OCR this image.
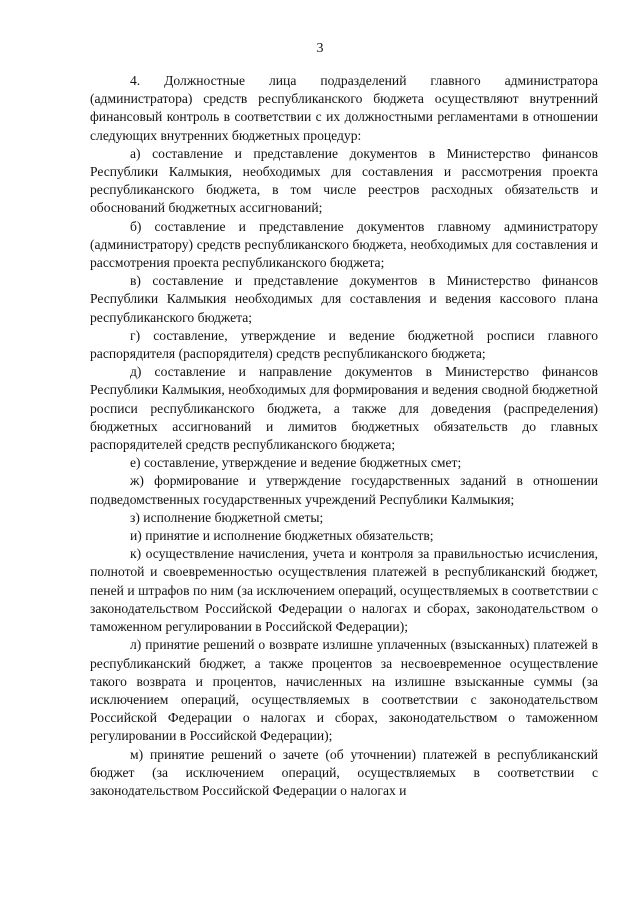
3

4. Должностные лица подразделений главного администратора (администратора) средств республиканского бюджета осуществляют внутренний финансовый контроль в соответствии с их должностными регламентами в отношении следующих внутренних бюджетных процедур:

а) составление и представление документов в Министерство финансов Республики Калмыкия, необходимых для составления и рассмотрения проекта республиканского бюджета, в том числе реестров расходных обязательств и обоснований бюджетных ассигнований;

б) составление и представление документов главному администратору (администратору) средств республиканского бюджета, необходимых для составления и рассмотрения проекта республиканского бюджета;

в) составление и представление документов в Министерство финансов Республики Калмыкия необходимых для составления и ведения кассового плана республиканского бюджета;

г) составление, утверждение и ведение бюджетной росписи главного распорядителя (распорядителя) средств республиканского бюджета;

д) составление и направление документов в Министерство финансов Республики Калмыкия, необходимых для формирования и ведения сводной бюджетной росписи республиканского бюджета, а также для доведения (распределения) бюджетных ассигнований и лимитов бюджетных обязательств до главных распорядителей средств республиканского бюджета;

е) составление, утверждение и ведение бюджетных смет;

ж) формирование и утверждение государственных заданий в отношении подведомственных государственных учреждений Республики Калмыкия;

з) исполнение бюджетной сметы;

и) принятие и исполнение бюджетных обязательств;

к) осуществление начисления, учета и контроля за правильностью исчисления, полнотой и своевременностью осуществления платежей в республиканский бюджет, пеней и штрафов по ним (за исключением операций, осуществляемых в соответствии с законодательством Российской Федерации о налогах и сборах, законодательством о таможенном регулировании в Российской Федерации);

л) принятие решений о возврате излишне уплаченных (взысканных) платежей в республиканский бюджет, а также процентов за несвоевременное осуществление такого возврата и процентов, начисленных на излишне взысканные суммы (за исключением операций, осуществляемых в соответствии с законодательством Российской Федерации о налогах и сборах, законодательством о таможенном регулировании в Российской Федерации);

м) принятие решений о зачете (об уточнении) платежей в республиканский бюджет (за исключением операций, осуществляемых в соответствии с законодательством Российской Федерации о налогах и
